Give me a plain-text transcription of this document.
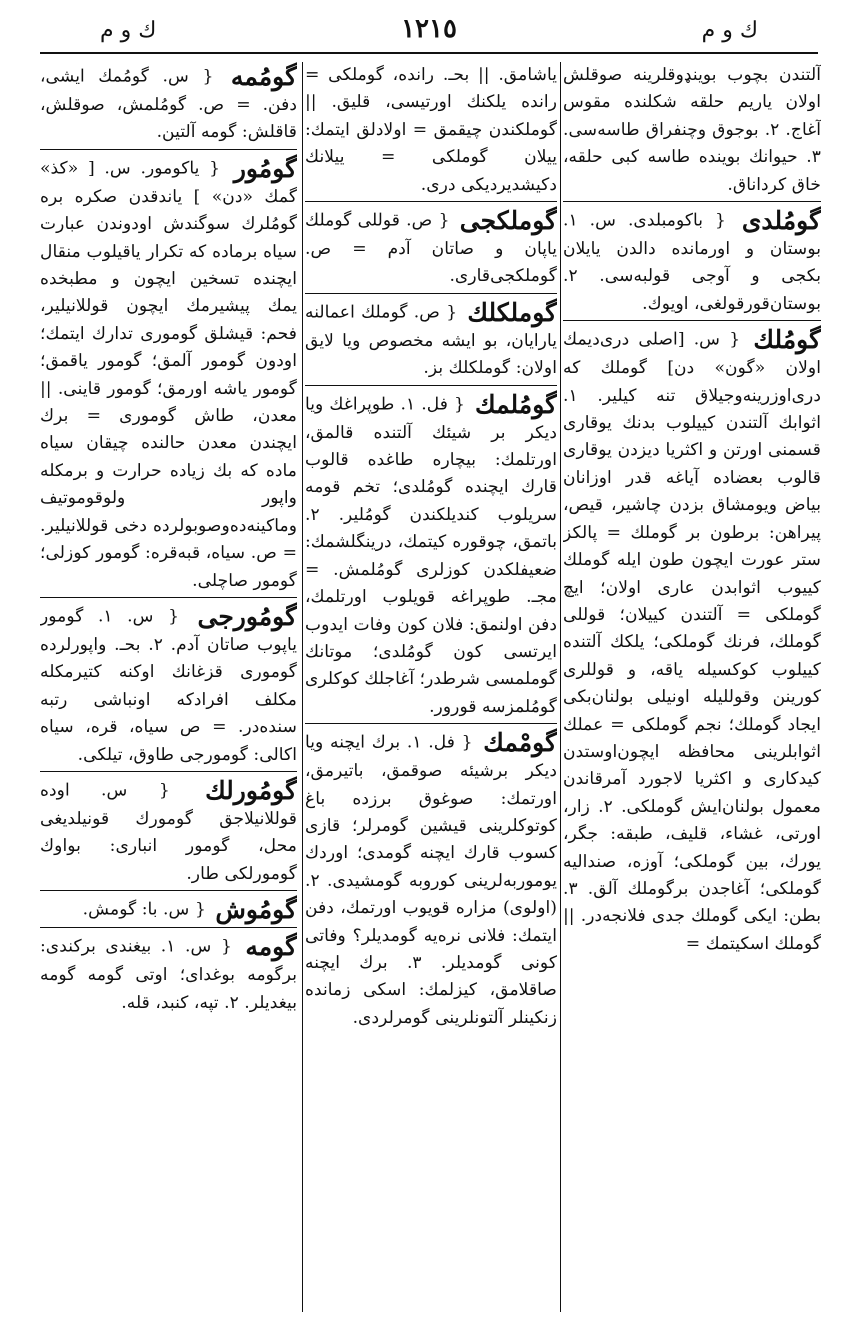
ك و م	١٢١٥	ك و م
آلتندن بچوب بوینډوقلرینه صوقلش اولان یاریم حلقه شکلنده مقوس آغاج. ۲. بوجوق وچنفراق طاسه‌سی. ۳. حیوانك بوینده طاسه کبی حلقه، خاق کرداناق.
گومُلدی { باكومبلدی. س. ۱. بوستان و اورمانده دالدن یایلان بکجی و آوجی قولبه‌سی. ۲. بوستان‌قورقولغی، اویوك.
گومُلك { س. [اصلی دری‌دیمك اولان «گون» دن] گوملك که دری‌اوزرینه‌وجیلاق تنه کیلیر. ۱. اثوابك آلتندن کییلوب بدنك یوقاری قسمنی اورتن و اکثریا دیزدن یوقاری قالوب بعضاده آیاغه قدر اوزانان بیاض ویومشاق بزدن چاشیر، قیص، پیراهن: برطون بر گوملك = پالکز ستر عورت ایچون طون ایله گوملك کییوب اثوابدن عاری اولان؛ ایچ گوملکی = آلتندن کییلان؛ قوللی گوملك، فرنك گوملکی؛ یلکك آلتنده کییلوب کوکسیله یاقه، و قوللری کورینن وقوللیله اونیلی بولنان‌بکی ایجاد گوملك؛ نجم گوملکی = عملك اثوابلرینی محافظه ایچون‌اوستدن کیدکاری و اکثریا لاجورد آمرقاندن معمول بولنان‌ایش گوملکی. ۲. زار، اورتی، غشاء، قلیف، طبقه: جگر، یورك، بین گوملکی؛ آوزه، صندالیه گوملکی؛ آغاجدن برگوملك آلق. ۳. بطن: ایکی گوملك جدی فلانجه‌در. || گوملك اسکیتمك =
یاشامق. || بحـ. رانده، گوملکی = رانده یلکنك اورتیسی، قلیق. || گوملکندن چیقمق = اولادلق ایتمك: ییلان گوملکی = ییلانك دکیشدیردیکی دری.
گوملكجی { ص. قوللی گوملك یاپان و صاتان آدم = ص. گوملکجی‌قاری.
گوملكلك { ص. گوملك اعمالنه یارایان، بو ایشه مخصوص ویا لایق اولان: گوملکلك بز.
گومُلمك { فل. ۱. طوپراغك ویا دیکر بر شیئك آلتنده قالمق، اورتلمك: بیچاره طاغده قالوب قارك ایچنده گومُلدی؛ تخم قومه سریلوب کندیلکندن گومُلیر. ۲. باتمق، چوقوره کیتمك، درینگلشمك: ضعیفلکدن کوزلری گومُلمش. = مجـ. طوپراغه قویلوب اورتلمك، دفن اولنمق: فلان کون وفات ایدوب ایرتسی کون گومُلدی؛ موتانك گوملمسی شرطدر؛ آغاجلك کوکلری گومُلمزسه قورور.
گومْمك { فل. ۱. برك ایچنه ویا دیکر برشیئه صوقمق، باتیرمق، اورتمك: صوغوق برزده باغ کوتوکلرینی قیشین گومرلر؛ قازی کسوب قارك ایچنه گومدی؛ اوردك یوموربه‌لرینی کوروبه گومشیدی. ۲. (اولوی) مزاره قویوب اورتمك، دفن ایتمك: فلانی نره‌یه گومدیلر؟ وفاتی کونی گومدیلر. ۳. برك ایچنه صاقلامق، کیزلمك: اسکی زمانده زنکینلر آلتونلرینی گومرلردی.
گومُمه { س. گومُمك ایشی، دفن. = ص. گومُلمش، صوقلش، قاقلش: گومه آلتین.
گومُور { یاکومور. س. [ «کذ» گمك «دن» ] یاندقدن صکره بره گومُلرك سوگندش اودوندن عبارت سیاه برماده که تکرار یاقیلوب منقال ایچنده تسخین ایچون و مطبخده یمك پیشیرمك ایچون قوللانیلیر، فحم: قیشلق گوموری تدارك ایتمك؛ اودون گومور آلمق؛ گومور یاقمق؛ گومور یاشه اورمق؛ گومور قاینی. || معدن، طاش گوموری = برك ایچندن معدن حالنده چیقان سیاه ماده که بك زیاده حرارت و برمکله واپور ولوقوموتیف وماکینه‌ده‌وصوبولرده دخی قوللانیلیر. = ص. سیاه، قبه‌قره: گومور کوزلی؛ گومور صاچلی.
گومُورجی { س. ۱. گومور یاپوب صاتان آدم. ۲. بحـ. واپورلرده گوموری قزغانك اوکنه کتیرمکله مکلف افرادکه اونباشی رتبه سنده‌در. = ص سیاه، قره، سیاه اکالی: گومورجی طاوق، تیلکی.
گومُورلك { س. اوده قوللانیلاجق گومورك قونیلدیغی محل، گومور انباری: بواوك گومورلکی طار.
گومُوش { س. با: گومش.
گومه { س. ۱. بیغندی برکندی: برگومه بوغدای؛ اوتی گومه گومه بیغدیلر. ۲. تپه، کنبد، قله.
